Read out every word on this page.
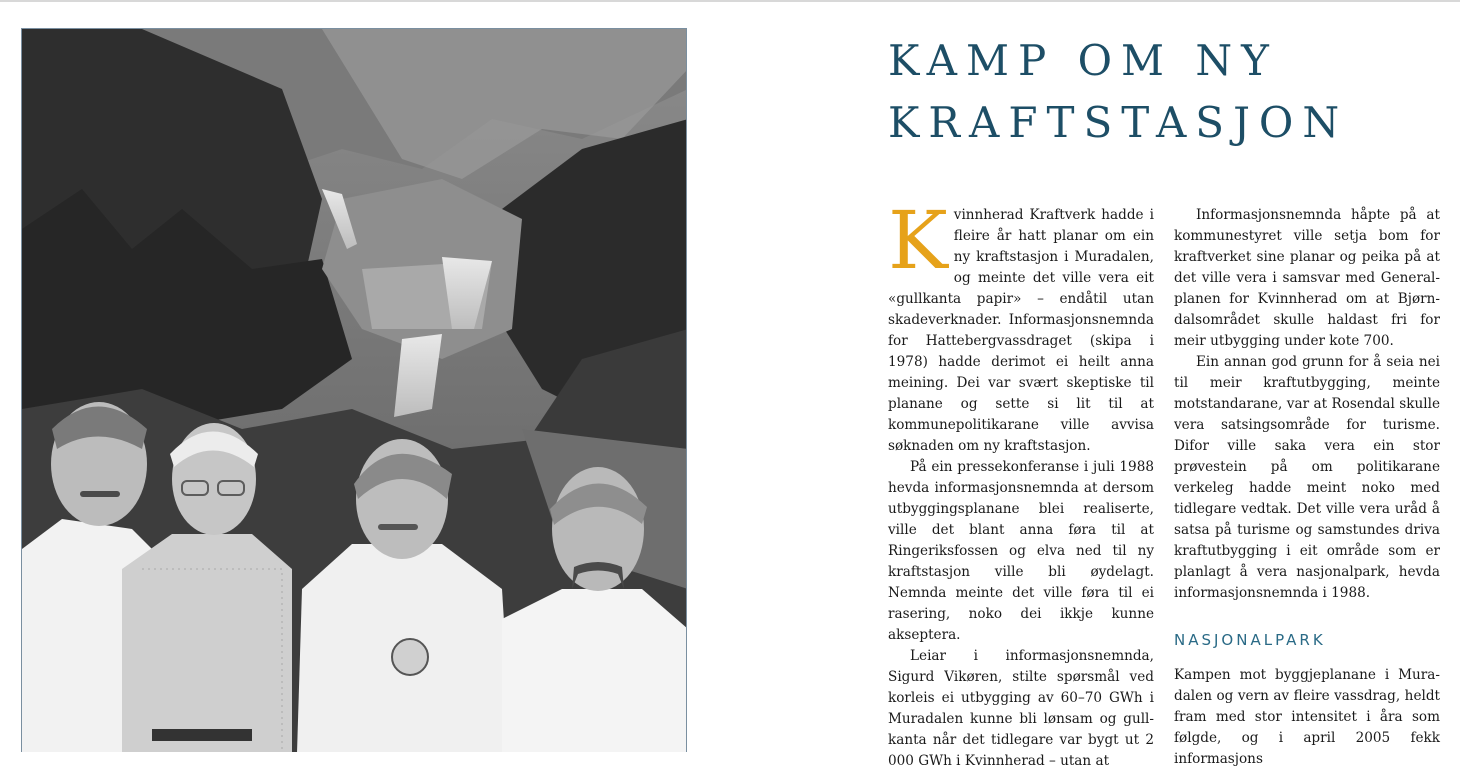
KAMP OM NY
KRAFTSTASJON

Kvinnherad Kraftverk hadde i fleire år hatt planar om ein ny kraftstasjon i Muradalen, og meinte det ville vera eit «gullkanta papir» – endåtil utan skadeverknader. Informasjonsnemnda for Hattebergvassdraget (skipa i 1978) hadde derimot ei heilt anna meining. Dei var svært skeptiske til planane og sette si lit til at kommunepolitikarane ville avvisa søknaden om ny kraftstasjon.

På ein pressekonferanse i juli 1988 hevda informasjonsnemnda at dersom utbyggingsplanane blei realiserte, ville det blant anna føra til at Ringeriksfossen og elva ned til ny kraftstasjon ville bli øydelagt. Nemnda meinte det ville føra til ei rasering, noko dei ikkje kunne akseptera.

Leiar i informasjonsnemnda, Sigurd Vikøren, stilte spørsmål ved korleis ei utbygging av 60–70 GWh i Muradalen kunne bli lønsam og gullkanta når det tidlegare var bygt ut 2 000 GWh i Kvinnherad – utan at

Informasjonsnemnda håpte på at kommunestyret ville setja bom for kraftverket sine planar og peika på at det ville vera i samsvar med Generalplanen for Kvinnherad om at Bjørndalsområdet skulle haldast fri for meir utbygging under kote 700.

Ein annan god grunn for å seia nei til meir kraftutbygging, meinte motstandarane, var at Rosendal skulle vera satsingsområde for turisme. Difor ville saka vera ein stor prøvestein på om politikarane verkeleg hadde meint noko med tidlegare vedtak. Det ville vera uråd å satsa på turisme og samstundes driva kraftutbygging i eit område som er planlagt å vera nasjonalpark, hevda informasjonsnemnda i 1988.

NASJONALPARK

Kampen mot byggjeplanane i Muradalen og vern av fleire vassdrag, heldt fram med stor intensitet i åra som følgde, og i april 2005 fekk informasjons
